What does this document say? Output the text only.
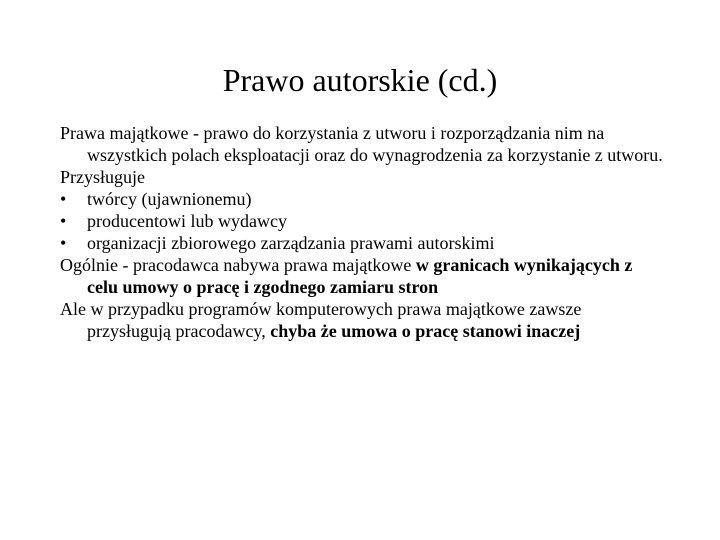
Prawo autorskie (cd.)

Prawa majątkowe - prawo do korzystania z utworu i rozporządzania nim na wszystkich polach eksploatacji oraz do wynagrodzenia za korzystanie z utworu.

Przysługuje

•	twórcy (ujawnionemu)
•	producentowi lub wydawcy
•	organizacji zbiorowego zarządzania prawami autorskimi

Ogólnie - pracodawca nabywa prawa majątkowe w granicach wynikających z celu umowy o pracę i zgodnego zamiaru stron

Ale w przypadku programów komputerowych prawa majątkowe zawsze przysługują pracodawcy, chyba że umowa o pracę stanowi inaczej
